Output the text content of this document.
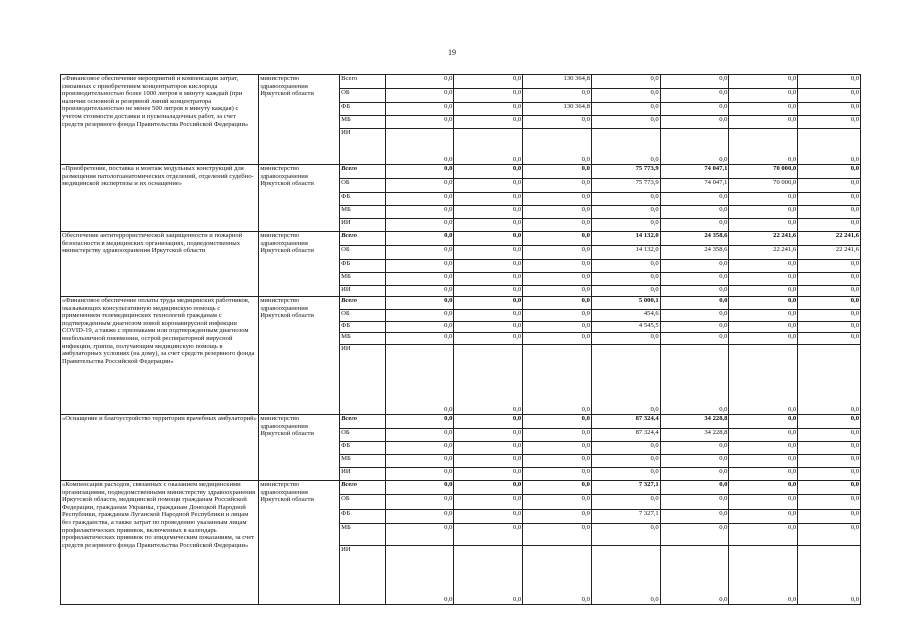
19
«Финансовое обеспечение мероприятий и компенсация затрат, связанных с приобретением концентраторов кислорода производительностью более 1000 литров в минуту каждый (при наличии основной и резервной линий концентратора производительностью не менее 500 литров в минуту каждая) с учетом стоимости доставки и пусконаладочных работ, за счет средств резервного фонда Правительства Российской Федерации»	министерство здравоохранения Иркутской области	Всего	0,0	0,0	130 364,8	0,0	0,0	0,0	0,0
		ОБ	0,0	0,0	0,0	0,0	0,0	0,0	0,0
		ФБ	0,0	0,0	130 364,8	0,0	0,0	0,0	0,0
		МБ	0,0	0,0	0,0	0,0	0,0	0,0	0,0
		ИИ	0,0	0,0	0,0	0,0	0,0	0,0	0,0
«Приобретение, поставка и монтаж модульных конструкций для размещения патологоанатомических отделений, отделений судебно-медицинской экспертизы и их оснащение»	министерство здравоохранения Иркутской области	Всего	0,0	0,0	0,0	75 773,9	74 047,1	70 000,0	0,0
		ОБ	0,0	0,0	0,0	75 773,9	74 047,1	70 000,0	0,0
		ФБ	0,0	0,0	0,0	0,0	0,0	0,0	0,0
		МБ	0,0	0,0	0,0	0,0	0,0	0,0	0,0
		ИИ	0,0	0,0	0,0	0,0	0,0	0,0	0,0
Обеспечение антитеррористической защищенности и пожарной безопасности в медицинских организациях, подведомственных министерству здравоохранения Иркутской области	министерство здравоохранения Иркутской области	Всего	0,0	0,0	0,0	14 132,0	24 358,6	22 241,6	22 241,6
		ОБ	0,0	0,0	0,0	14 132,0	24 358,6	22 241,6	22 241,6
		ФБ	0,0	0,0	0,0	0,0	0,0	0,0	0,0
		МБ	0,0	0,0	0,0	0,0	0,0	0,0	0,0
		ИИ	0,0	0,0	0,0	0,0	0,0	0,0	0,0
«Финансовое обеспечение оплаты труда медицинских работников, оказывающих консультативную медицинскую помощь с применением телемедицинских технологий гражданам с подтвержденным диагнозом новой коронавирусной инфекции COVID-19, а также с признаками или подтвержденным диагнозом внебольничной пневмонии, острой респираторной вирусной инфекции, гриппа, получающим медицинскую помощь в амбулаторных условиях (на дому), за счет средств резервного фонда Правительства Российской Федерации»	министерство здравоохранения Иркутской области	Всего	0,0	0,0	0,0	5 000,1	0,0	0,0	0,0
		ОБ	0,0	0,0	0,0	454,6	0,0	0,0	0,0
		ФБ	0,0	0,0	0,0	4 545,5	0,0	0,0	0,0
		МБ	0,0	0,0	0,0	0,0	0,0	0,0	0,0
		ИИ	0,0	0,0	0,0	0,0	0,0	0,0	0,0
«Оснащение и благоустройство территории врачебных амбулаторий»	министерство здравоохранения Иркутской области	Всего	0,0	0,0	0,0	87 324,4	34 228,8	0,0	0,0
		ОБ	0,0	0,0	0,0	87 324,4	34 228,8	0,0	0,0
		ФБ	0,0	0,0	0,0	0,0	0,0	0,0	0,0
		МБ	0,0	0,0	0,0	0,0	0,0	0,0	0,0
		ИИ	0,0	0,0	0,0	0,0	0,0	0,0	0,0
«Компенсация расходов, связанных с оказанием медицинскими организациями, подведомственными министерству здравоохранения Иркутской области, медицинской помощи гражданам Российской Федерации, гражданам Украины, гражданам Донецкой Народной Республики, гражданам Луганской Народной Республики и лицам без гражданства, а также затрат по проведению указанным лицам профилактических прививок, включенных в календарь профилактических прививок по эпидемическим показаниям, за счет средств резервного фонда Правительства Российской Федерации»	министерство здравоохранения Иркутской области	Всего	0,0	0,0	0,0	7 327,1	0,0	0,0	0,0
		ОБ	0,0	0,0	0,0	0,0	0,0	0,0	0,0
		ФБ	0,0	0,0	0,0	7 327,1	0,0	0,0	0,0
		МБ	0,0	0,0	0,0	0,0	0,0	0,0	0,0
		ИИ	0,0	0,0	0,0	0,0	0,0	0,0	0,0
